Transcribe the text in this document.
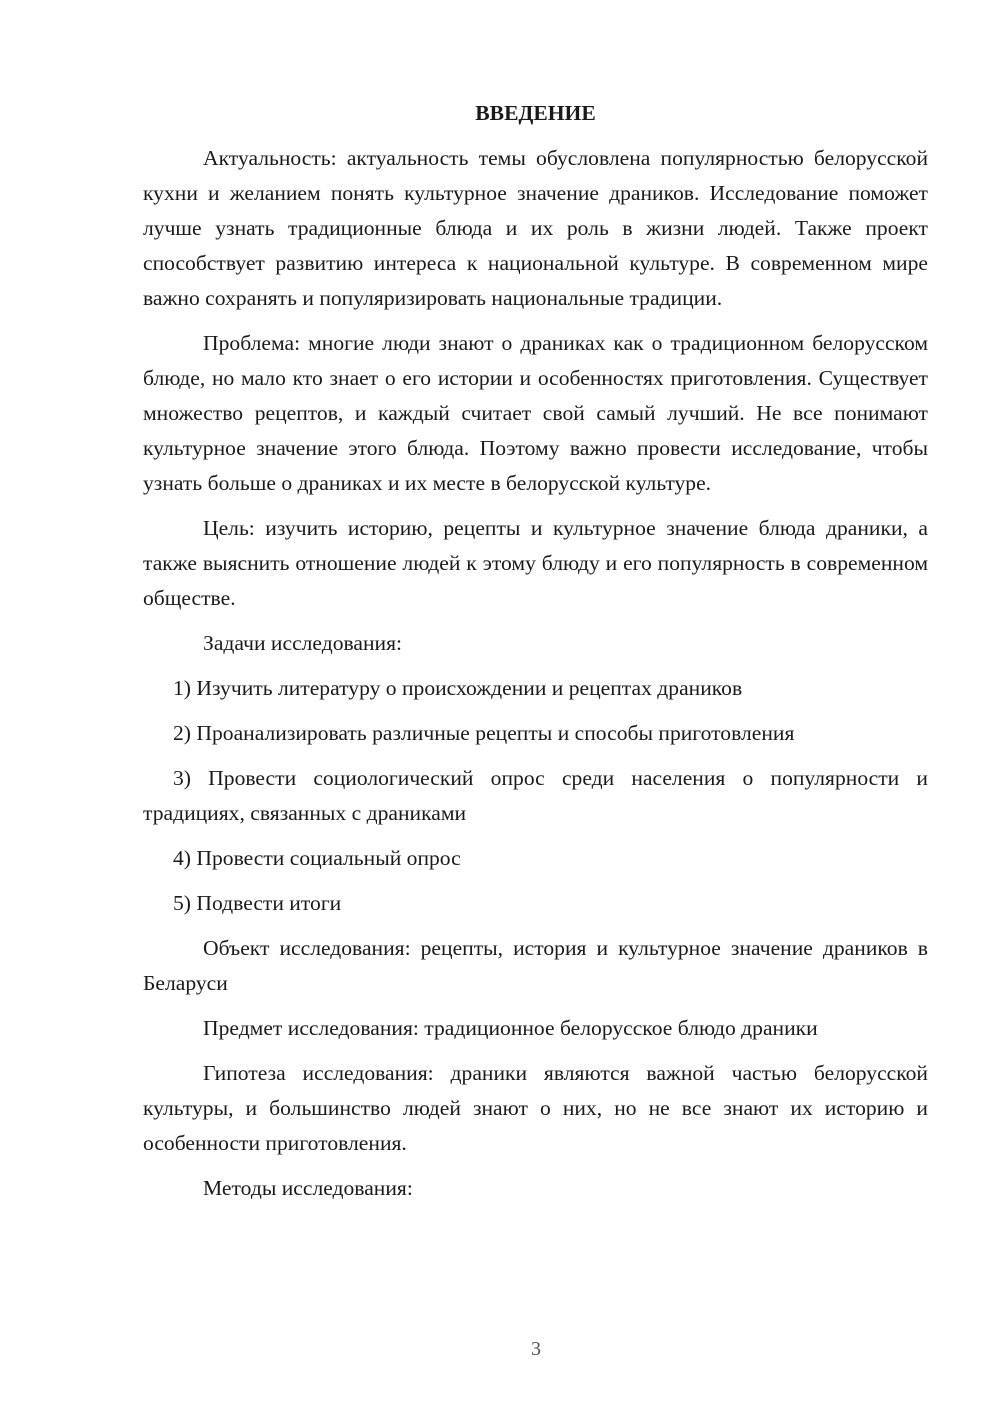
ВВЕДЕНИЕ

Актуальность: актуальность темы обусловлена популярностью белорусской кухни и желанием понять культурное значение драников. Исследование поможет лучше узнать традиционные блюда и их роль в жизни людей. Также проект способствует развитию интереса к национальной культуре. В современном мире важно сохранять и популяризировать национальные традиции.

Проблема: многие люди знают о драниках как о традиционном белорусском блюде, но мало кто знает о его истории и особенностях приготовления. Существует множество рецептов, и каждый считает свой самый лучший. Не все понимают культурное значение этого блюда. Поэтому важно провести исследование, чтобы узнать больше о драниках и их месте в белорусской культуре.

Цель: изучить историю, рецепты и культурное значение блюда драники, а также выяснить отношение людей к этому блюду и его популярность в современном обществе.

Задачи исследования:

1) Изучить литературу о происхождении и рецептах драников

2) Проанализировать различные рецепты и способы приготовления

3) Провести социологический опрос среди населения о популярности и традициях, связанных с драниками

4) Провести социальный опрос

5) Подвести итоги

Объект исследования: рецепты, история и культурное значение драников в Беларуси

Предмет исследования: традиционное белорусское блюдо драники

Гипотеза исследования: драники являются важной частью белорусской культуры, и большинство людей знают о них, но не все знают их историю и особенности приготовления.

Методы исследования:

3
